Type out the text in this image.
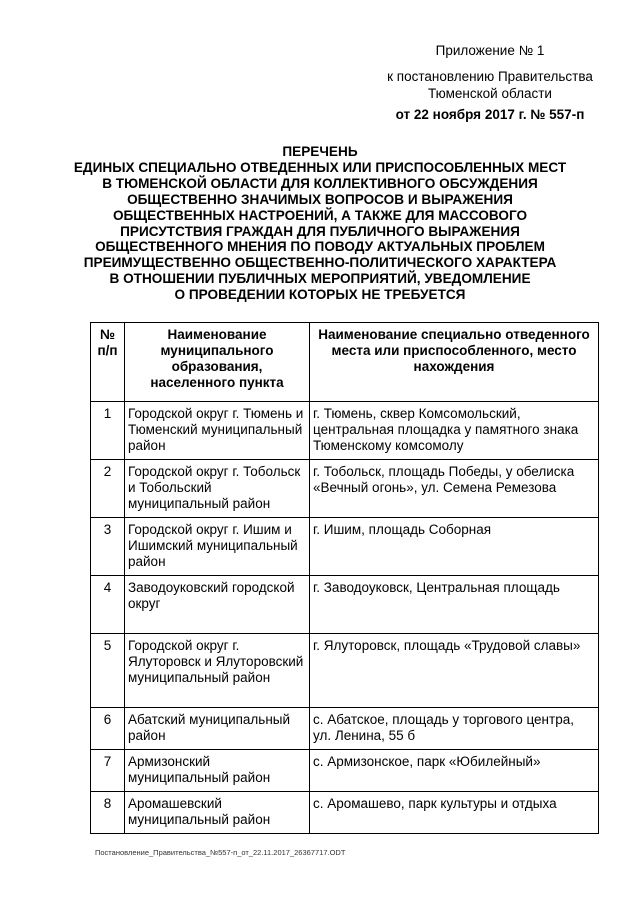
Приложение № 1
к постановлению Правительства
Тюменской области
от 22 ноября 2017 г. № 557-п
ПЕРЕЧЕНЬ
ЕДИНЫХ СПЕЦИАЛЬНО ОТВЕДЕННЫХ ИЛИ ПРИСПОСОБЛЕННЫХ МЕСТ
В ТЮМЕНСКОЙ ОБЛАСТИ ДЛЯ КОЛЛЕКТИВНОГО ОБСУЖДЕНИЯ
ОБЩЕСТВЕННО ЗНАЧИМЫХ ВОПРОСОВ И ВЫРАЖЕНИЯ
ОБЩЕСТВЕННЫХ НАСТРОЕНИЙ, А ТАКЖЕ ДЛЯ МАССОВОГО
ПРИСУТСТВИЯ ГРАЖДАН ДЛЯ ПУБЛИЧНОГО ВЫРАЖЕНИЯ
ОБЩЕСТВЕННОГО МНЕНИЯ ПО ПОВОДУ АКТУАЛЬНЫХ ПРОБЛЕМ
ПРЕИМУЩЕСТВЕННО ОБЩЕСТВЕННО-ПОЛИТИЧЕСКОГО ХАРАКТЕРА
В ОТНОШЕНИИ ПУБЛИЧНЫХ МЕРОПРИЯТИЙ, УВЕДОМЛЕНИЕ
О ПРОВЕДЕНИИ КОТОРЫХ НЕ ТРЕБУЕТСЯ
№ п/п	Наименование муниципального образования, населенного пункта	Наименование специально отведенного места или приспособленного, место нахождения
1	Городской округ г. Тюмень и Тюменский муниципальный район	г. Тюмень, сквер Комсомольский, центральная площадка у памятного знака Тюменскому комсомолу
2	Городской округ г. Тобольск и Тобольский муниципальный район	г. Тобольск, площадь Победы, у обелиска «Вечный огонь», ул. Семена Ремезова
3	Городской округ г. Ишим и Ишимский муниципальный район	г. Ишим, площадь Соборная
4	Заводоуковский городской округ	г. Заводоуковск, Центральная площадь
5	Городской округ г. Ялуторовск и Ялуторовский муниципальный район	г. Ялуторовск, площадь «Трудовой славы»
6	Абатский муниципальный район	с. Абатское, площадь у торгового центра, ул. Ленина, 55 б
7	Армизонский муниципальный район	с. Армизонское, парк «Юбилейный»
8	Аромашевский муниципальный район	с. Аромашево, парк культуры и отдыха
Постановление_Правительства_№557-п_от_22.11.2017_26367717.ODT
